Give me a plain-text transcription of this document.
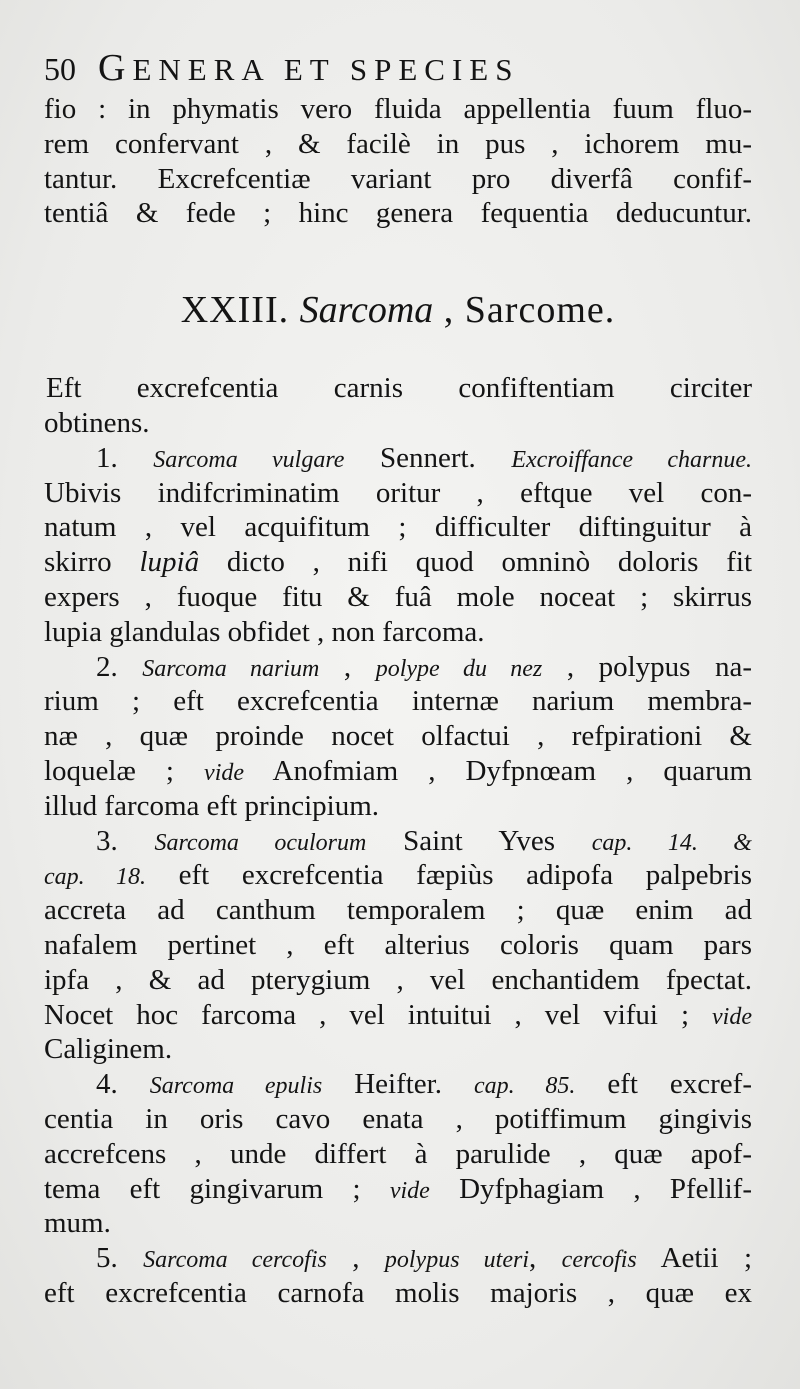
50 GENERA ET SPECIES
fio : in phymatis vero fluida appellentia fuum fluo-
rem confervant , & facilè in pus , ichorem mu-
tantur. Excrefcentiæ variant pro diverfâ confif-
tentiâ & fede ; hinc genera fequentia deducuntur.
XXIII. Sarcoma , Sarcome.
Eft excrefcentia carnis confiftentiam circiter
obtinens.
1. Sarcoma vulgare Sennert. Excroiffance charnue.
Ubivis indifcriminatim oritur , eftque vel con-
natum , vel acquifitum ; difficulter diftinguitur à
skirro lupiâ dicto , nifi quod omninò doloris fit
expers , fuoque fitu & fuâ mole noceat ; skirrus
lupia glandulas obfidet , non farcoma.
2. Sarcoma narium , polype du nez , polypus na-
rium ; eft excrefcentia internæ narium membra-
næ , quæ proinde nocet olfactui , refpirationi &
loquelæ ; vide Anofmiam , Dyfpnœam , quarum
illud farcoma eft principium.
3. Sarcoma oculorum Saint Yves cap. 14. &
cap. 18. eft excrefcentia fæpiùs adipofa palpebris
accreta ad canthum temporalem ; quæ enim ad
nafalem pertinet , eft alterius coloris quam pars
ipfa , & ad pterygium , vel enchantidem fpectat.
Nocet hoc farcoma , vel intuitui , vel vifui ; vide
Caliginem.
4. Sarcoma epulis Heifter. cap. 85. eft excref-
centia in oris cavo enata , potiffimum gingivis
accrefcens , unde differt à parulide , quæ apof-
tema eft gingivarum ; vide Dyfphagiam , Pfellif-
mum.
5. Sarcoma cercofis , polypus uteri, cercofis Aetii ;
eft excrefcentia carnofa molis majoris , quæ ex
